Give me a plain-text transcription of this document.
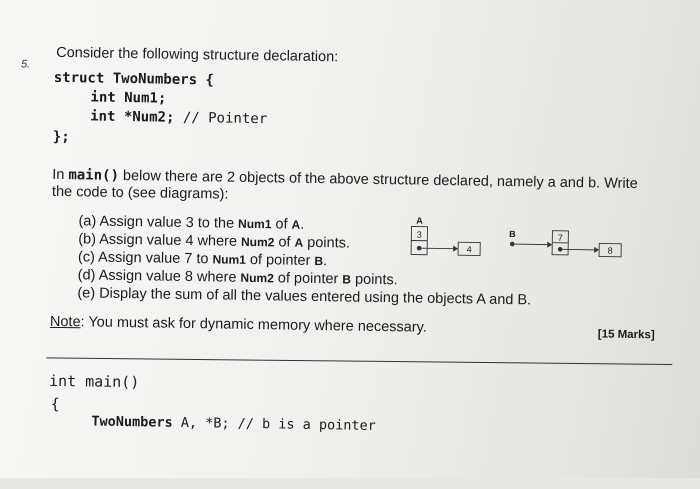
5. Consider the following structure declaration:
struct TwoNumbers {
int Num1;
int *Num2; // Pointer
};
In main() below there are 2 objects of the above structure declared, namely a and b. Write
the code to (see diagrams):
(a) Assign value 3 to the Num1 of A.
(b) Assign value 4 where Num2 of A points.
(c) Assign value 7 to Num1 of pointer B.
(d) Assign value 8 where Num2 of pointer B points.
(e) Display the sum of all the values entered using the objects A and B.
A
3
4
B	7
8
Note: You must ask for dynamic memory where necessary.	[15 Marks]
int main()
{
TwoNumbers A, *B; // b is a pointer
